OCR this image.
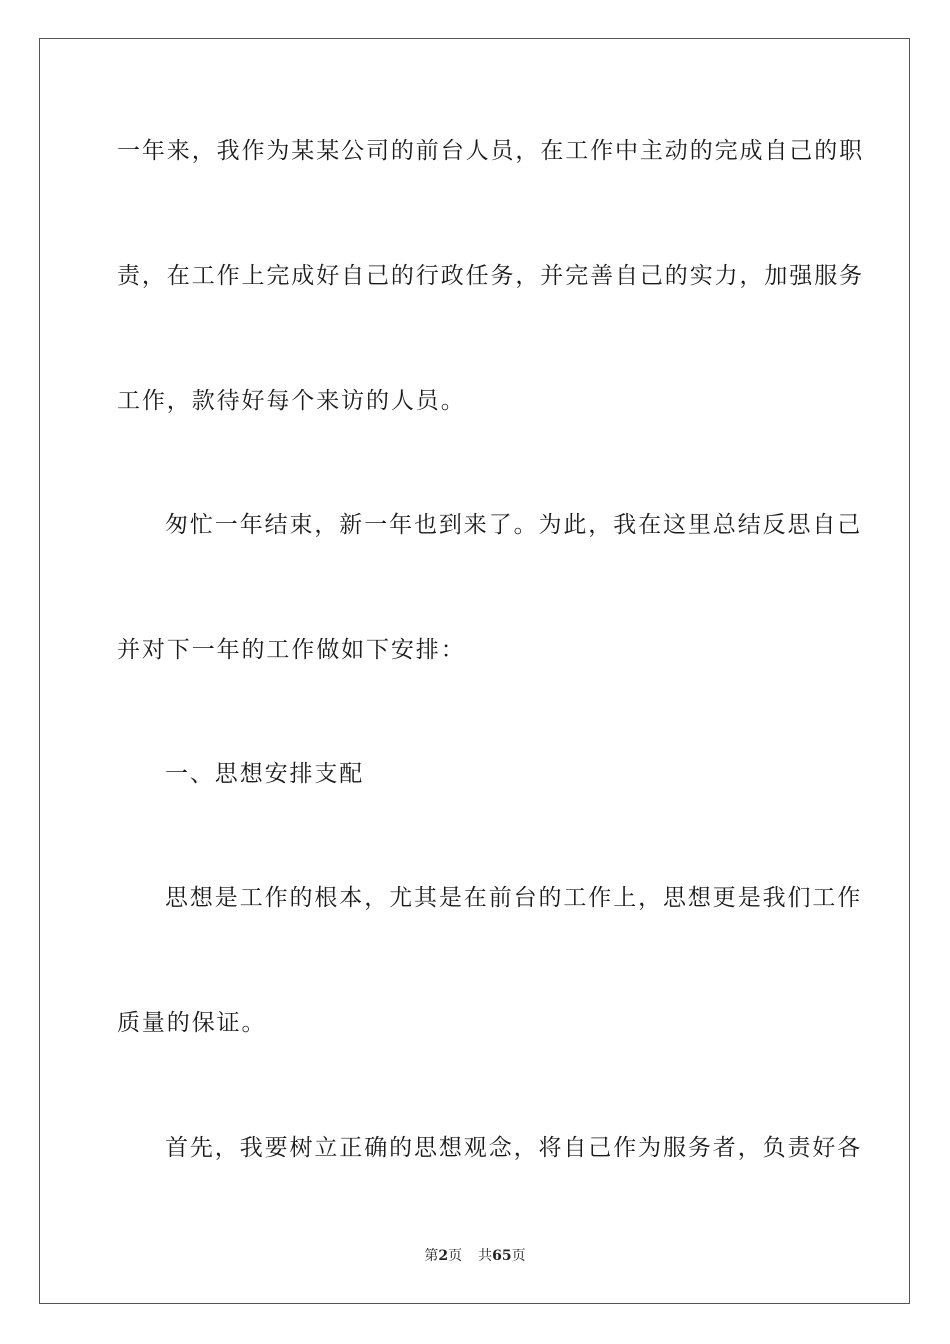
一年来，我作为某某公司的前台人员，在工作中主动的完成自己的职
责，在工作上完成好自己的行政任务，并完善自己的实力，加强服务
工作，款待好每个来访的人员。
匆忙一年结束，新一年也到来了。为此，我在这里总结反思自己
并对下一年的工作做如下安排：
一、思想安排支配
思想是工作的根本，尤其是在前台的工作上，思想更是我们工作
质量的保证。
首先，我要树立正确的思想观念，将自己作为服务者，负责好各
第2页 共65页
